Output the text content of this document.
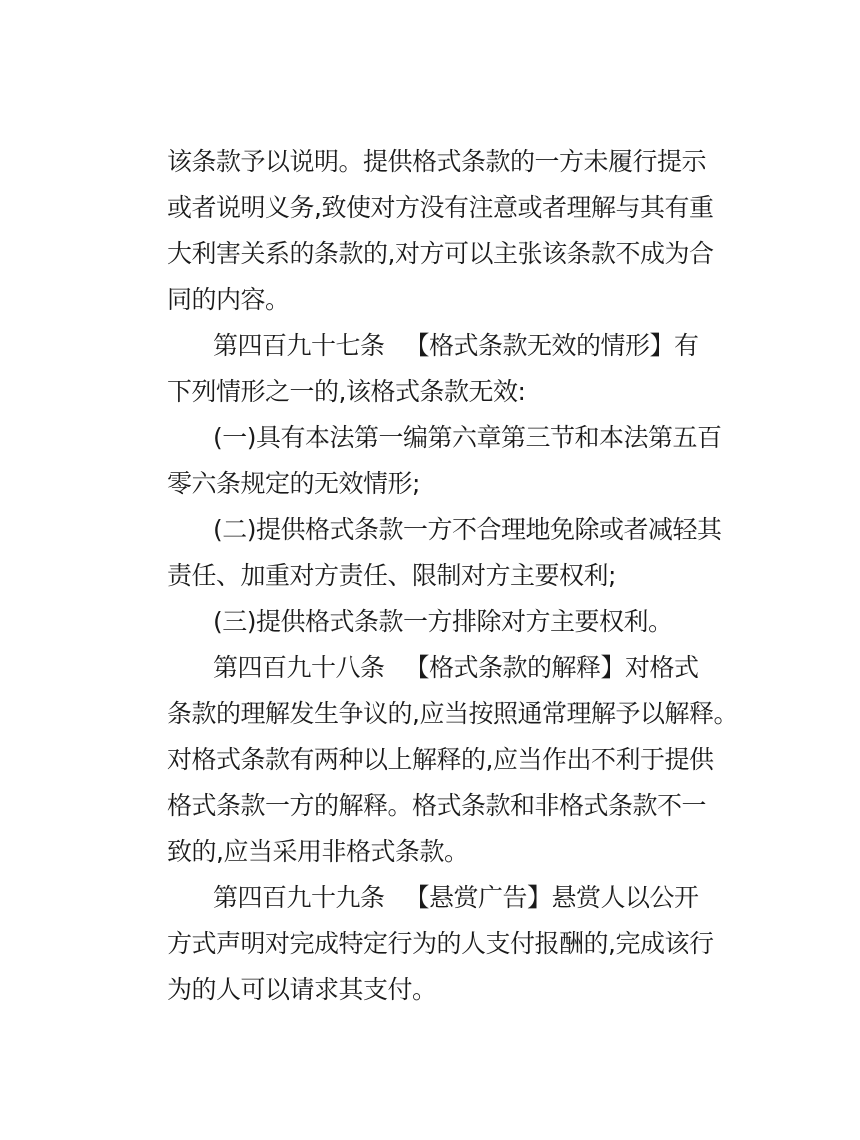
该条款予以说明。提供格式条款的一方未履行提示
或者说明义务,致使对方没有注意或者理解与其有重
大利害关系的条款的,对方可以主张该条款不成为合
同的内容。
第四百九十七条 【格式条款无效的情形】有
下列情形之一的,该格式条款无效:
(一)具有本法第一编第六章第三节和本法第五百
零六条规定的无效情形;
(二)提供格式条款一方不合理地免除或者减轻其
责任、加重对方责任、限制对方主要权利;
(三)提供格式条款一方排除对方主要权利。
第四百九十八条 【格式条款的解释】对格式
条款的理解发生争议的,应当按照通常理解予以解释。
对格式条款有两种以上解释的,应当作出不利于提供
格式条款一方的解释。格式条款和非格式条款不一
致的,应当采用非格式条款。
第四百九十九条 【悬赏广告】悬赏人以公开
方式声明对完成特定行为的人支付报酬的,完成该行
为的人可以请求其支付。
